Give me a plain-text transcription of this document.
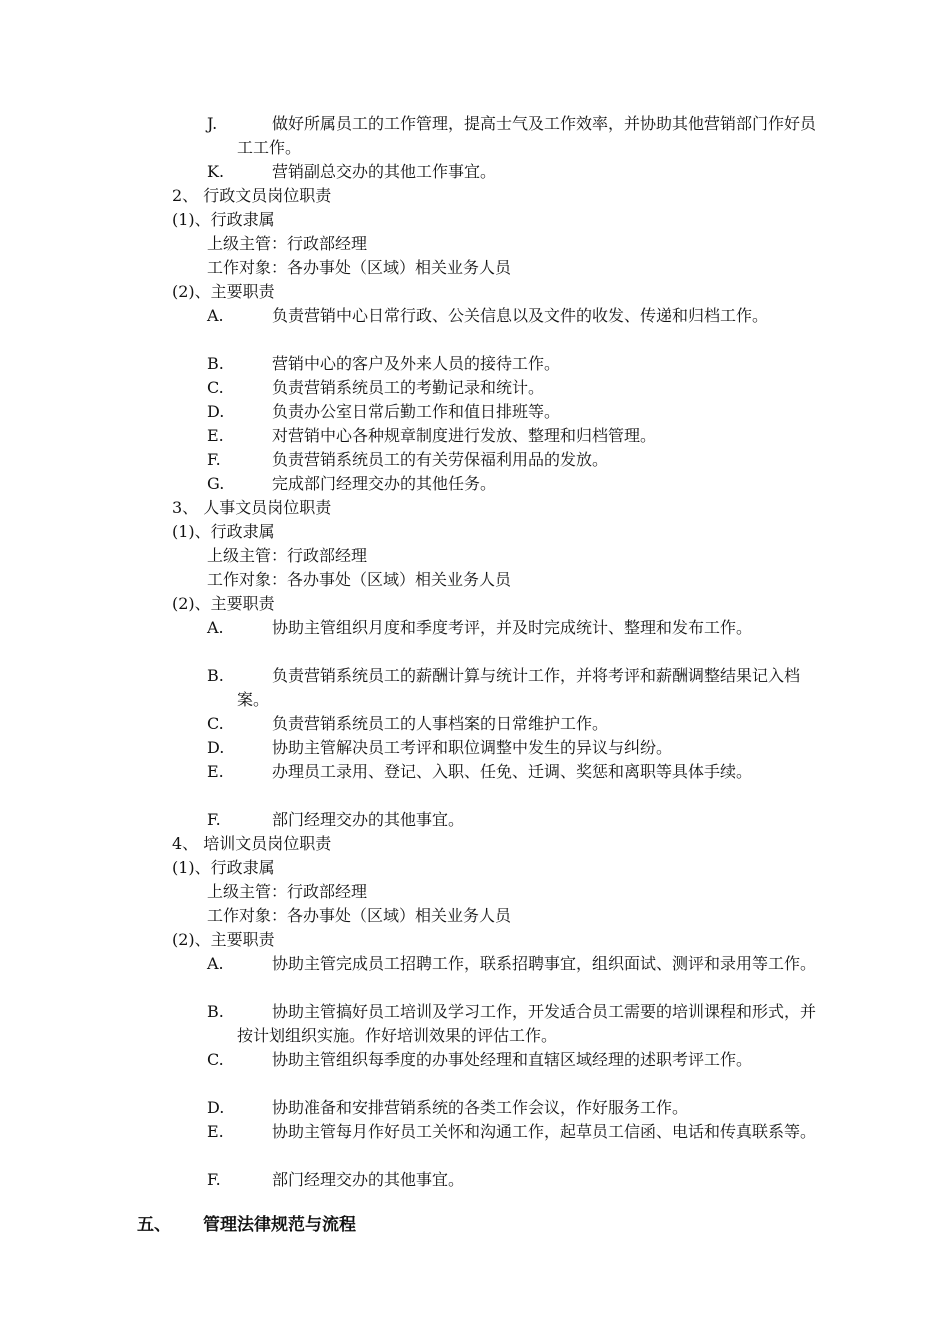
J.	做好所属员工的工作管理，提高士气及工作效率，并协助其他营销部门作好员工工作。
K.	营销副总交办的其他工作事宜。
2、 行政文员岗位职责
(1)、行政隶属
上级主管：行政部经理
工作对象：各办事处（区域）相关业务人员
(2)、主要职责
A.	负责营销中心日常行政、公关信息以及文件的收发、传递和归档工作。
B.	营销中心的客户及外来人员的接待工作。
C.	负责营销系统员工的考勤记录和统计。
D.	负责办公室日常后勤工作和值日排班等。
E.	对营销中心各种规章制度进行发放、整理和归档管理。
F.	负责营销系统员工的有关劳保福利用品的发放。
G.	完成部门经理交办的其他任务。
3、 人事文员岗位职责
(1)、行政隶属
上级主管：行政部经理
工作对象：各办事处（区域）相关业务人员
(2)、主要职责
A.	协助主管组织月度和季度考评，并及时完成统计、整理和发布工作。
B.	负责营销系统员工的薪酬计算与统计工作，并将考评和薪酬调整结果记入档案。
C.	负责营销系统员工的人事档案的日常维护工作。
D.	协助主管解决员工考评和职位调整中发生的异议与纠纷。
E.	办理员工录用、登记、入职、任免、迁调、奖惩和离职等具体手续。
F.	部门经理交办的其他事宜。
4、 培训文员岗位职责
(1)、行政隶属
上级主管：行政部经理
工作对象：各办事处（区域）相关业务人员
(2)、主要职责
A.	协助主管完成员工招聘工作，联系招聘事宜，组织面试、测评和录用等工作。
B.	协助主管搞好员工培训及学习工作，开发适合员工需要的培训课程和形式，并按计划组织实施。作好培训效果的评估工作。
C.	协助主管组织每季度的办事处经理和直辖区域经理的述职考评工作。
D.	协助准备和安排营销系统的各类工作会议，作好服务工作。
E.	协助主管每月作好员工关怀和沟通工作，起草员工信函、电话和传真联系等。
F.	部门经理交办的其他事宜。
五、 管理法律规范与流程
